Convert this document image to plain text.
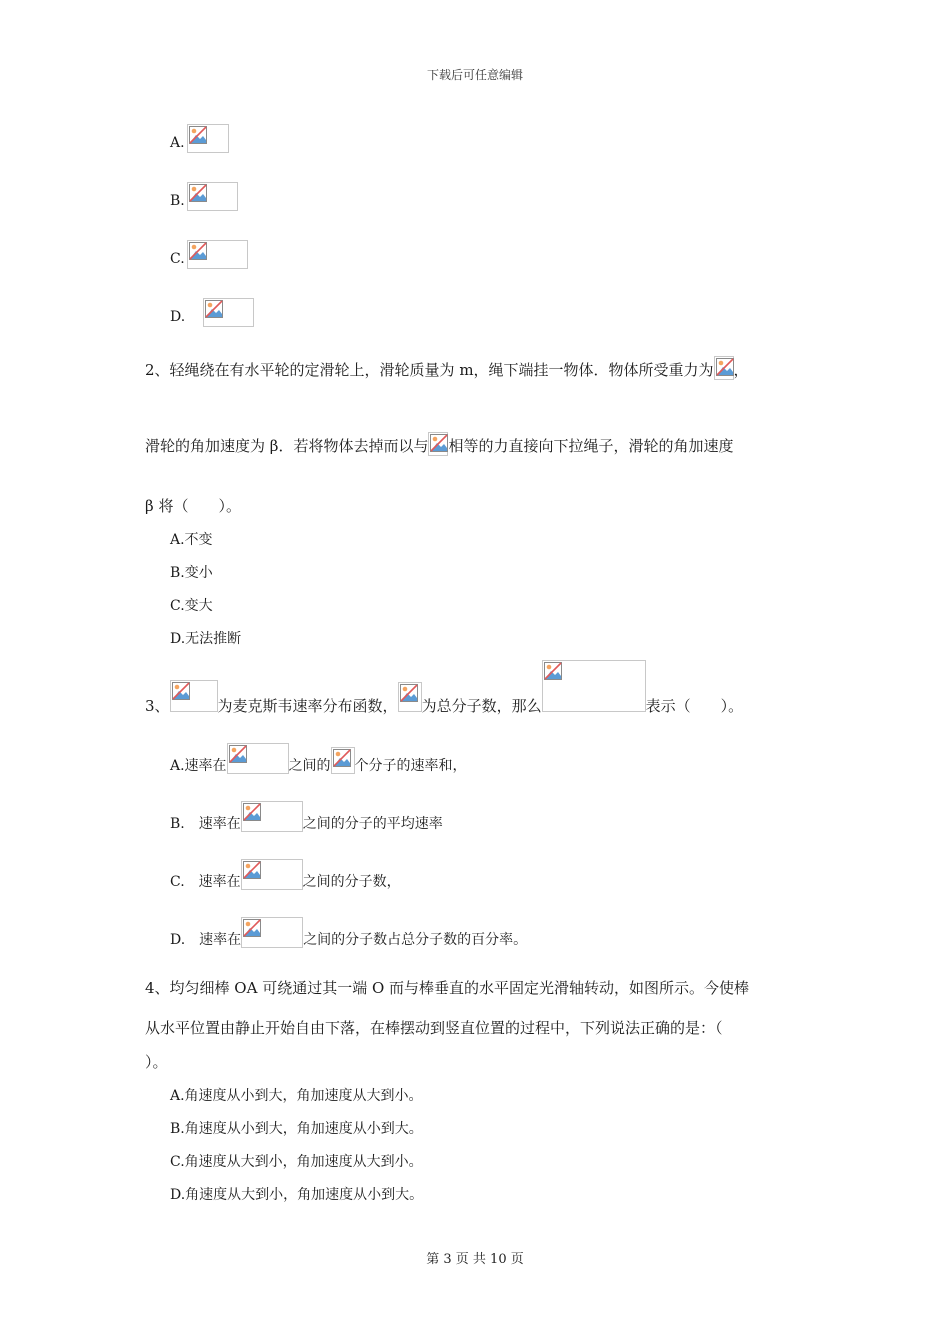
下载后可任意编辑
A.
B.
C.
D.
2、轻绳绕在有水平轮的定滑轮上，滑轮质量为 m，绳下端挂一物体．物体所受重力为 ，
滑轮的角加速度为 β．若将物体去掉而以与 相等的力直接向下拉绳子，滑轮的角加速度
β 将（　　）。
A.不变
B.变小
C.变大
D.无法推断
3、	为麦克斯韦速率分布函数， 为总分子数，那么	表示（　　）。
A.速率在	之间的 个分子的速率和，
B.　速率在	之间的分子的平均速率
C.　速率在	之间的分子数，
D.　速率在	之间的分子数占总分子数的百分率。
4、均匀细棒 OA 可绕通过其一端 O 而与棒垂直的水平固定光滑轴转动，如图所示。今使棒
从水平位置由静止开始自由下落，在棒摆动到竖直位置的过程中，下列说法正确的是：（
）。
A.角速度从小到大，角加速度从大到小。
B.角速度从小到大，角加速度从小到大。
C.角速度从大到小，角加速度从大到小。
D.角速度从大到小，角加速度从小到大。
第 3 页 共 10 页
